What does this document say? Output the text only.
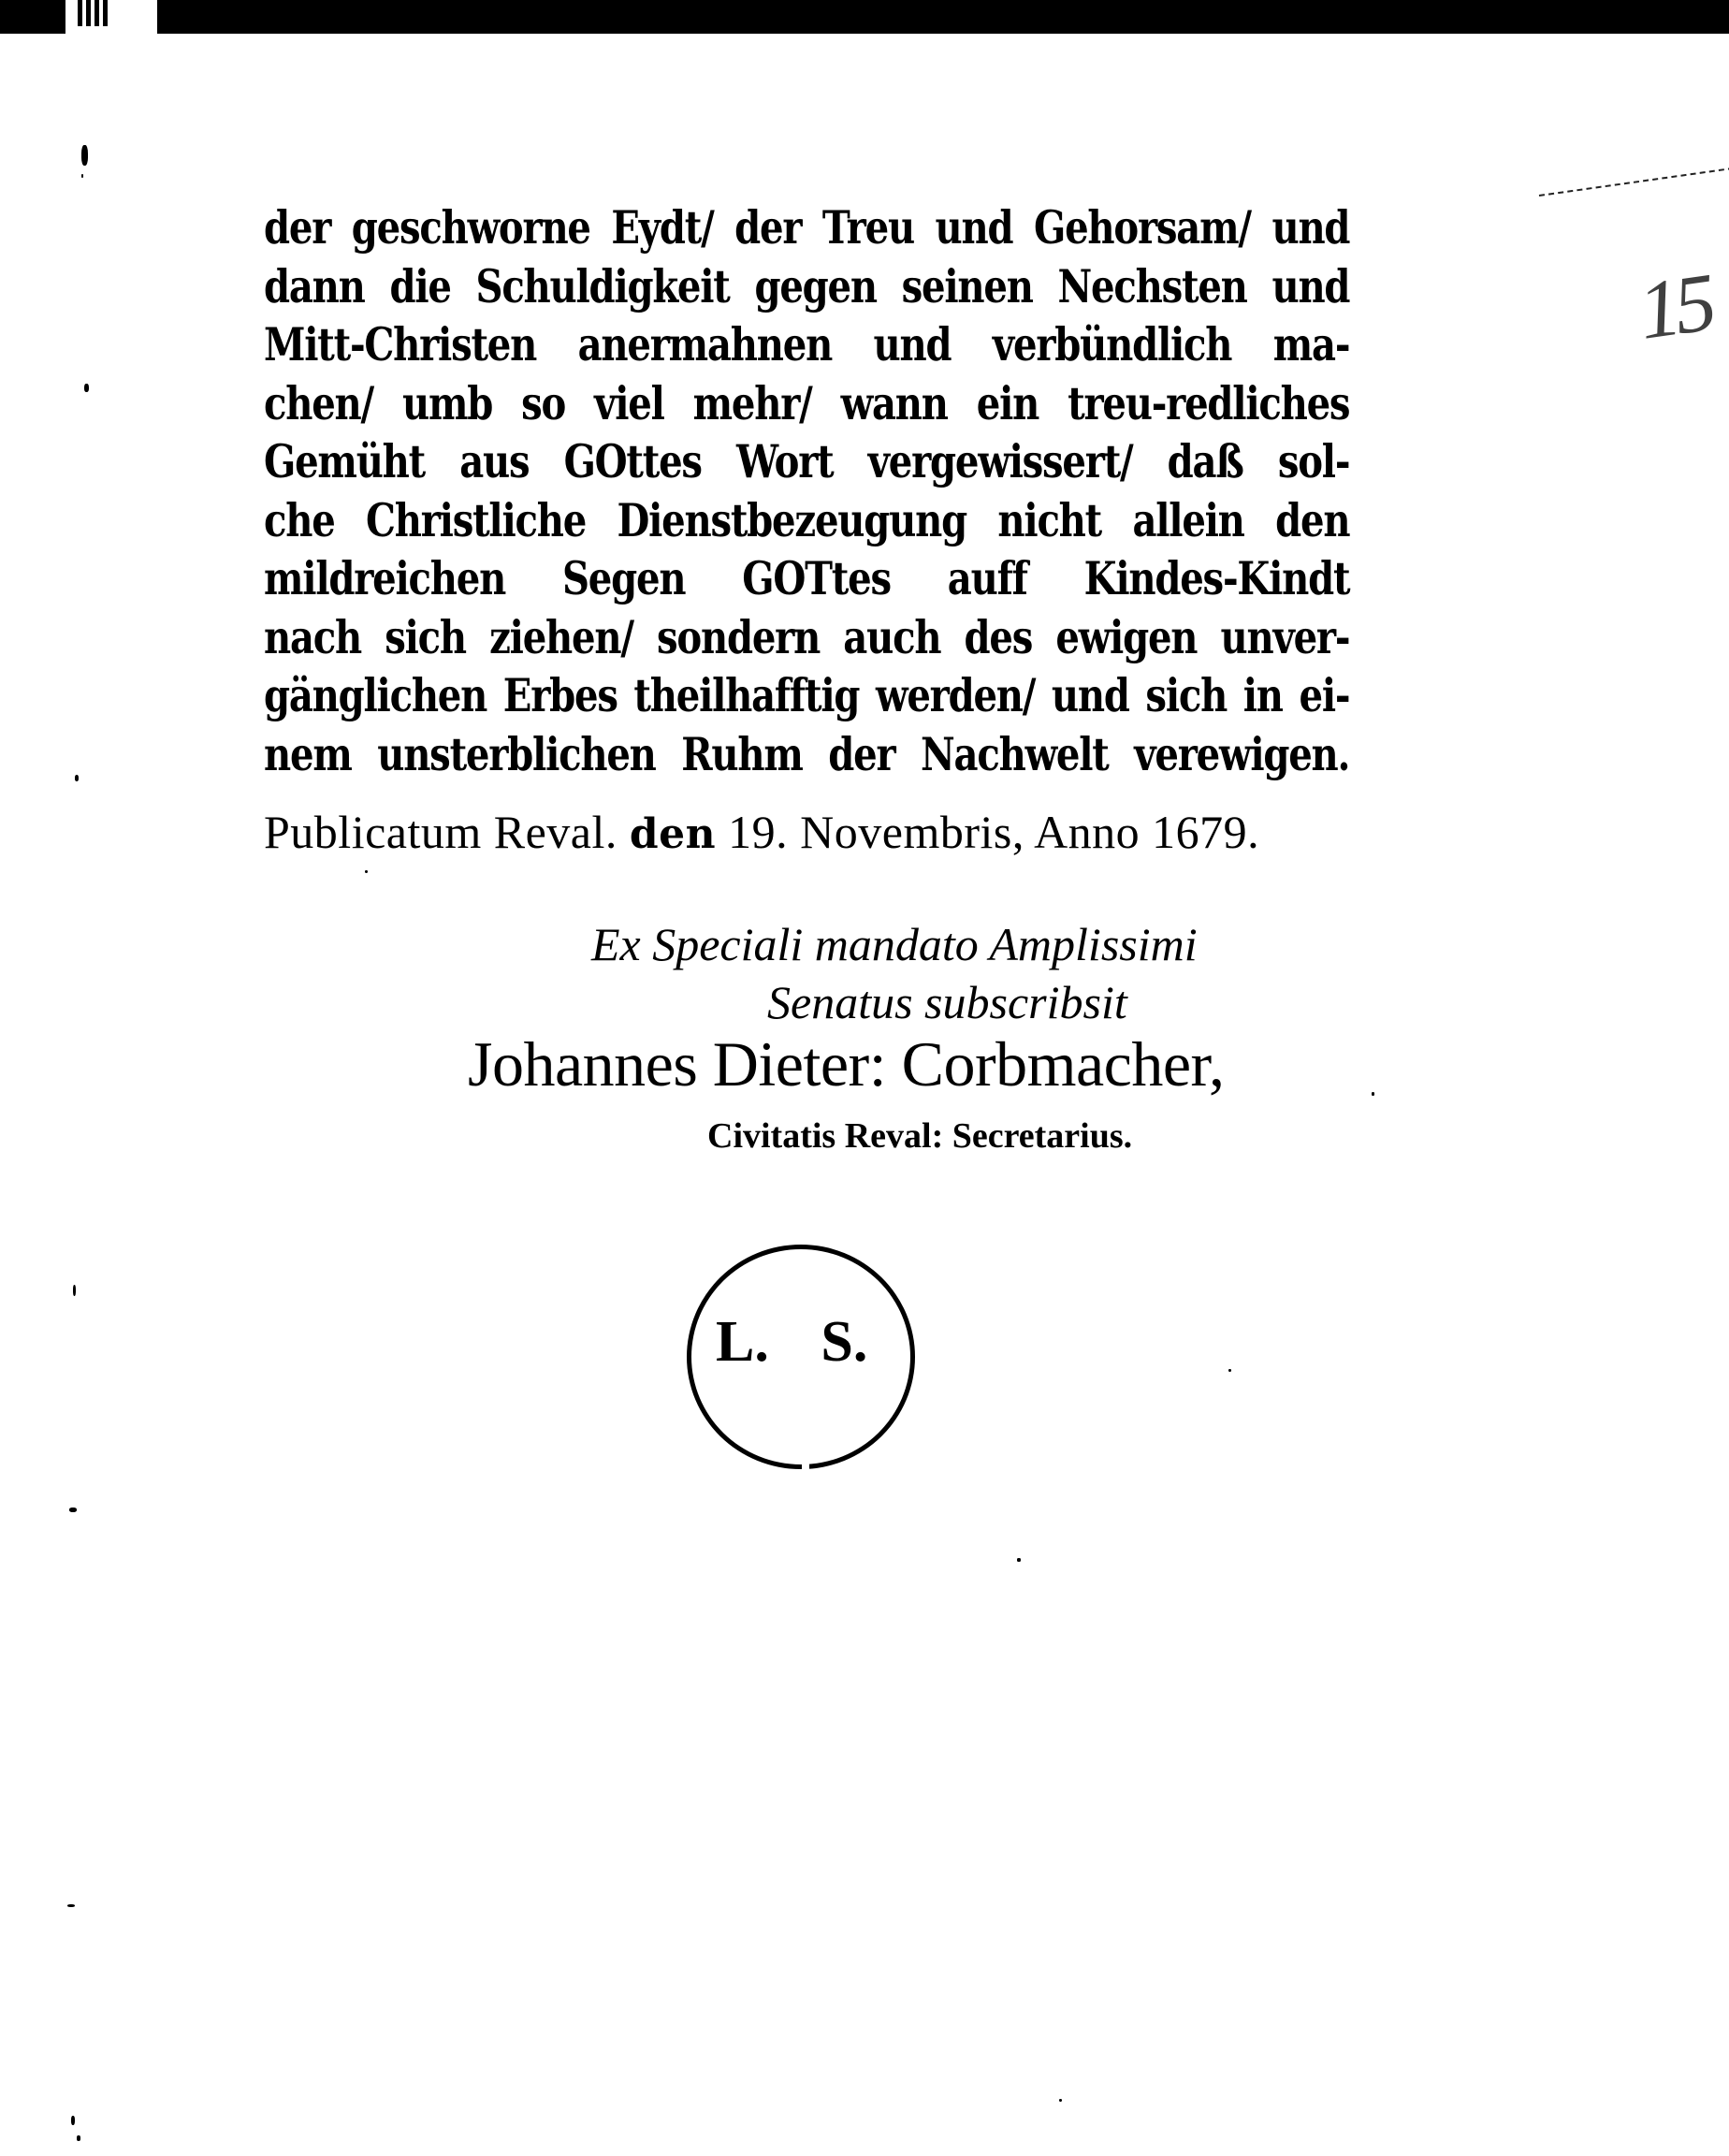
15
der geschworne Eydt/ der Treu und Gehorsam/ und
dann die Schuldigkeit gegen seinen Nechsten und
Mitt-Christen anermahnen und verbündlich ma-
chen/ umb so viel mehr/ wann ein treu-redliches
Gemüht aus GOttes Wort vergewissert/ daß sol-
che Christliche Dienstbezeugung nicht allein den
mildreichen Segen GOTtes auff Kindes-Kindt
nach sich ziehen/ sondern auch des ewigen unver-
gänglichen Erbes theilhafftig werden/ und sich in ei-
nem unsterblichen Ruhm der Nachwelt verewigen.
Publicatum Reval. den 19. Novembris, Anno 1679.
Ex Speciali mandato Amplissimi
Senatus subscribsit
Johannes Dieter: Corbmacher,
Civitatis Reval: Secretarius.
L. S.
